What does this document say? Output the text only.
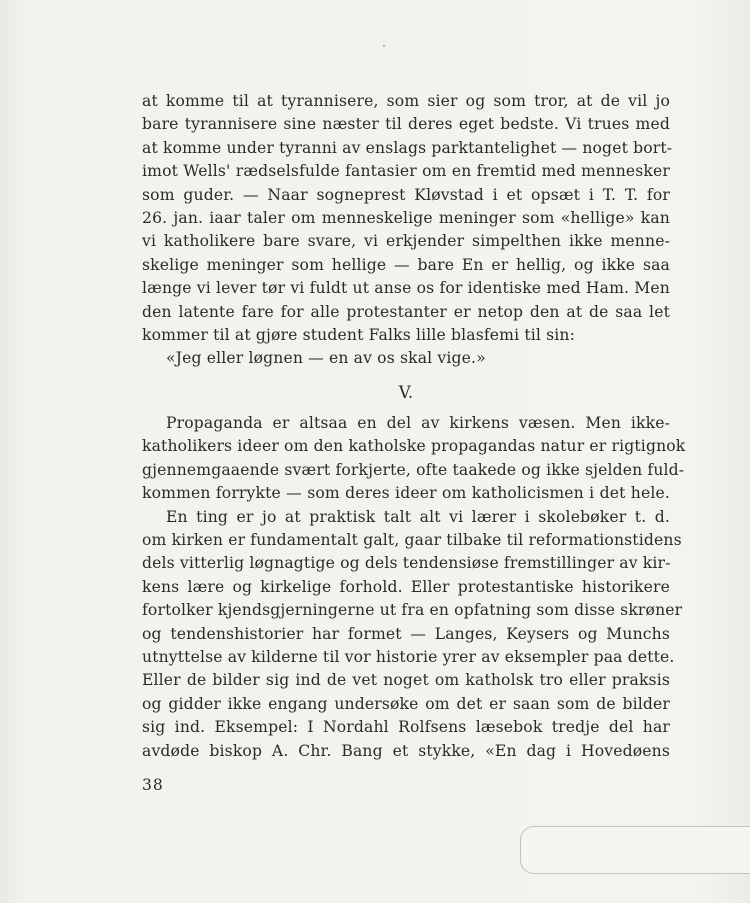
at komme til at tyrannisere, som sier og som tror, at de vil jo
bare tyrannisere sine næster til deres eget bedste. Vi trues med
at komme under tyranni av enslags parktantelighet — noget bort-
imot Wells' rædselsfulde fantasier om en fremtid med mennesker
som guder. — Naar sogneprest Kløvstad i et opsæt i T. T. for
26. jan. iaar taler om menneskelige meninger som «hellige» kan
vi katholikere bare svare, vi erkjender simpelthen ikke menne-
skelige meninger som hellige — bare En er hellig, og ikke saa
længe vi lever tør vi fuldt ut anse os for identiske med Ham. Men
den latente fare for alle protestanter er netop den at de saa let
kommer til at gjøre student Falks lille blasfemi til sin:
«Jeg eller løgnen — en av os skal vige.»
V.
Propaganda er altsaa en del av kirkens væsen. Men ikke-
katholikers ideer om den katholske propagandas natur er rigtignok
gjennemgaaende svært forkjerte, ofte taakede og ikke sjelden fuld-
kommen forrykte — som deres ideer om katholicismen i det hele.
En ting er jo at praktisk talt alt vi lærer i skolebøker t. d.
om kirken er fundamentalt galt, gaar tilbake til reformationstidens
dels vitterlig løgnagtige og dels tendensiøse fremstillinger av kir-
kens lære og kirkelige forhold. Eller protestantiske historikere
fortolker kjendsgjerningerne ut fra en opfatning som disse skrøner
og tendenshistorier har formet — Langes, Keysers og Munchs
utnyttelse av kilderne til vor historie yrer av eksempler paa dette.
Eller de bilder sig ind de vet noget om katholsk tro eller praksis
og gidder ikke engang undersøke om det er saan som de bilder
sig ind. Eksempel: I Nordahl Rolfsens læsebok tredje del har
avdøde biskop A. Chr. Bang et stykke, «En dag i Hovedøens
38
